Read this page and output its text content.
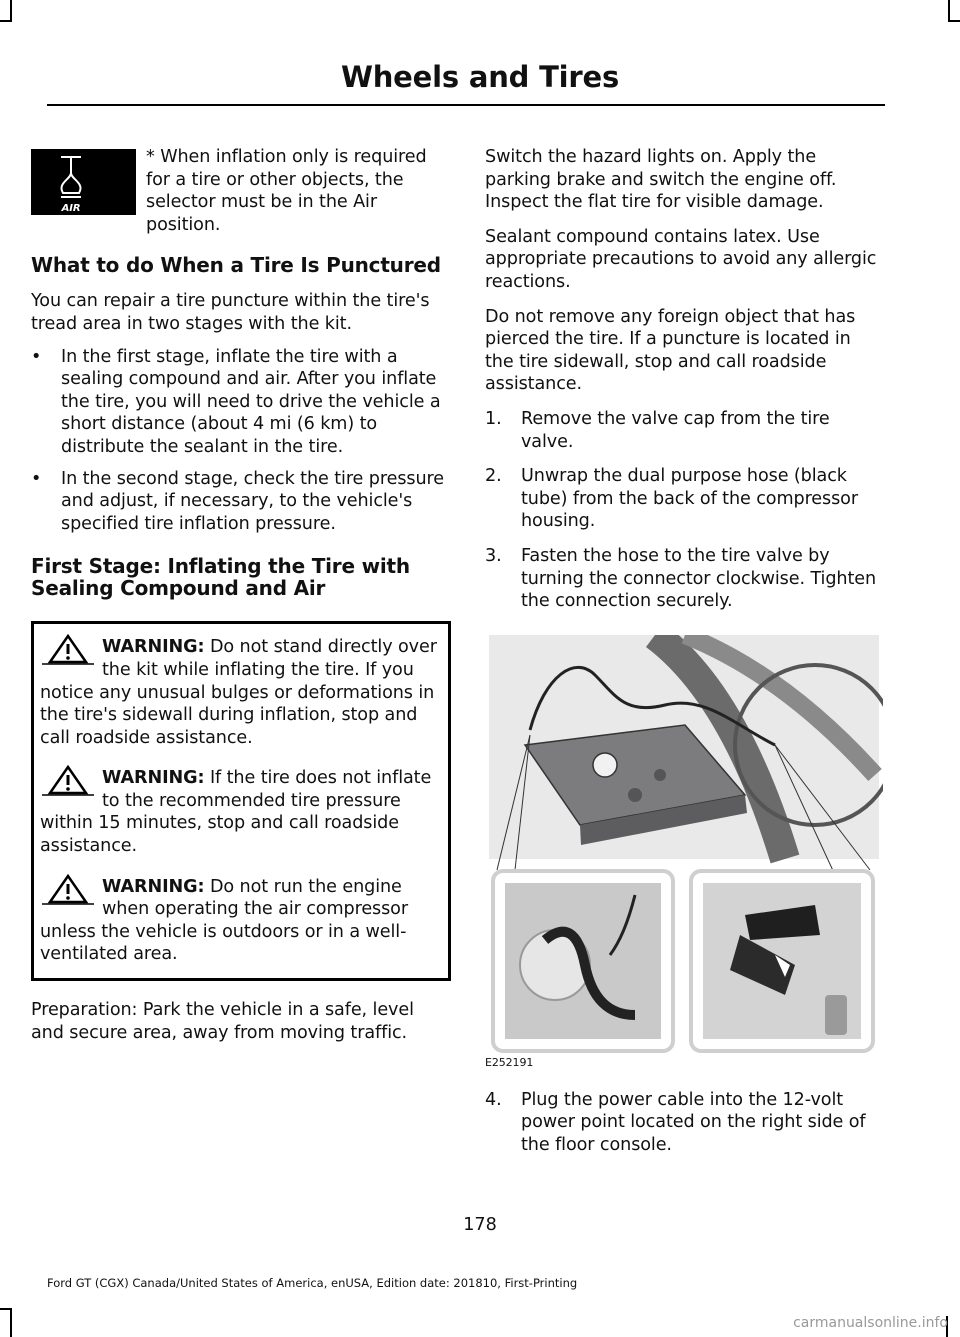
Wheels and Tires
AIR

* When inflation only is required for a tire or other objects, the selector must be in the Air position.

What to do When a Tire Is Punctured

You can repair a tire puncture within the tire's tread area in two stages with the kit.

• In the first stage, inflate the tire with a sealing compound and air. After you inflate the tire, you will need to drive the vehicle a short distance (about 4 mi (6 km) to distribute the sealant in the tire.
• In the second stage, check the tire pressure and adjust, if necessary, to the vehicle's specified tire inflation pressure.
First Stage: Inflating the Tire with Sealing Compound and Air
WARNING: Do not stand directly over the kit while inflating the tire. If you notice any unusual bulges or deformations in the tire's sidewall during inflation, stop and call roadside assistance.
WARNING: If the tire does not inflate to the recommended tire pressure within 15 minutes, stop and call roadside assistance.
WARNING: Do not run the engine when operating the air compressor unless the vehicle is outdoors or in a well-ventilated area.

Preparation: Park the vehicle in a safe, level and secure area, away from moving traffic.

Switch the hazard lights on. Apply the parking brake and switch the engine off. Inspect the flat tire for visible damage.

Sealant compound contains latex. Use appropriate precautions to avoid any allergic reactions.

Do not remove any foreign object that has pierced the tire. If a puncture is located in the tire sidewall, stop and call roadside assistance.

1. Remove the valve cap from the tire valve.
2. Unwrap the dual purpose hose (black tube) from the back of the compressor housing.
3. Fasten the hose to the tire valve by turning the connector clockwise. Tighten the connection securely.
E252191
4. Plug the power cable into the 12-volt power point located on the right side of the floor console.
178
Ford GT (CGX) Canada/United States of America, enUSA, Edition date: 201810, First-Printing
carmanualsonline.info
